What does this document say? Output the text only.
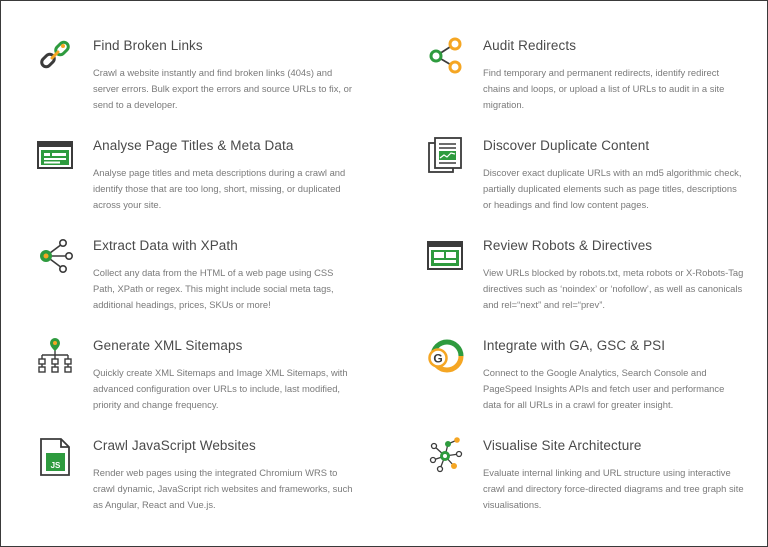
Find Broken Links
Crawl a website instantly and find broken links (404s) and server errors. Bulk export the errors and source URLs to fix, or send to a developer.
Audit Redirects
Find temporary and permanent redirects, identify redirect chains and loops, or upload a list of URLs to audit in a site migration.
Analyse Page Titles & Meta Data
Analyse page titles and meta descriptions during a crawl and identify those that are too long, short, missing, or duplicated across your site.
Discover Duplicate Content
Discover exact duplicate URLs with an md5 algorithmic check, partially duplicated elements such as page titles, descriptions or headings and find low content pages.
Extract Data with XPath
Collect any data from the HTML of a web page using CSS Path, XPath or regex. This might include social meta tags, additional headings, prices, SKUs or more!
Review Robots & Directives
View URLs blocked by robots.txt, meta robots or X-Robots-Tag directives such as ‘noindex’ or ‘nofollow’, as well as canonicals and rel=“next” and rel=“prev”.
Generate XML Sitemaps
Quickly create XML Sitemaps and Image XML Sitemaps, with advanced configuration over URLs to include, last modified, priority and change frequency.
G
Integrate with GA, GSC & PSI
Connect to the Google Analytics, Search Console and PageSpeed Insights APIs and fetch user and performance data for all URLs in a crawl for greater insight.
JS
Crawl JavaScript Websites
Render web pages using the integrated Chromium WRS to crawl dynamic, JavaScript rich websites and frameworks, such as Angular, React and Vue.js.
Visualise Site Architecture
Evaluate internal linking and URL structure using interactive crawl and directory force-directed diagrams and tree graph site visualisations.
